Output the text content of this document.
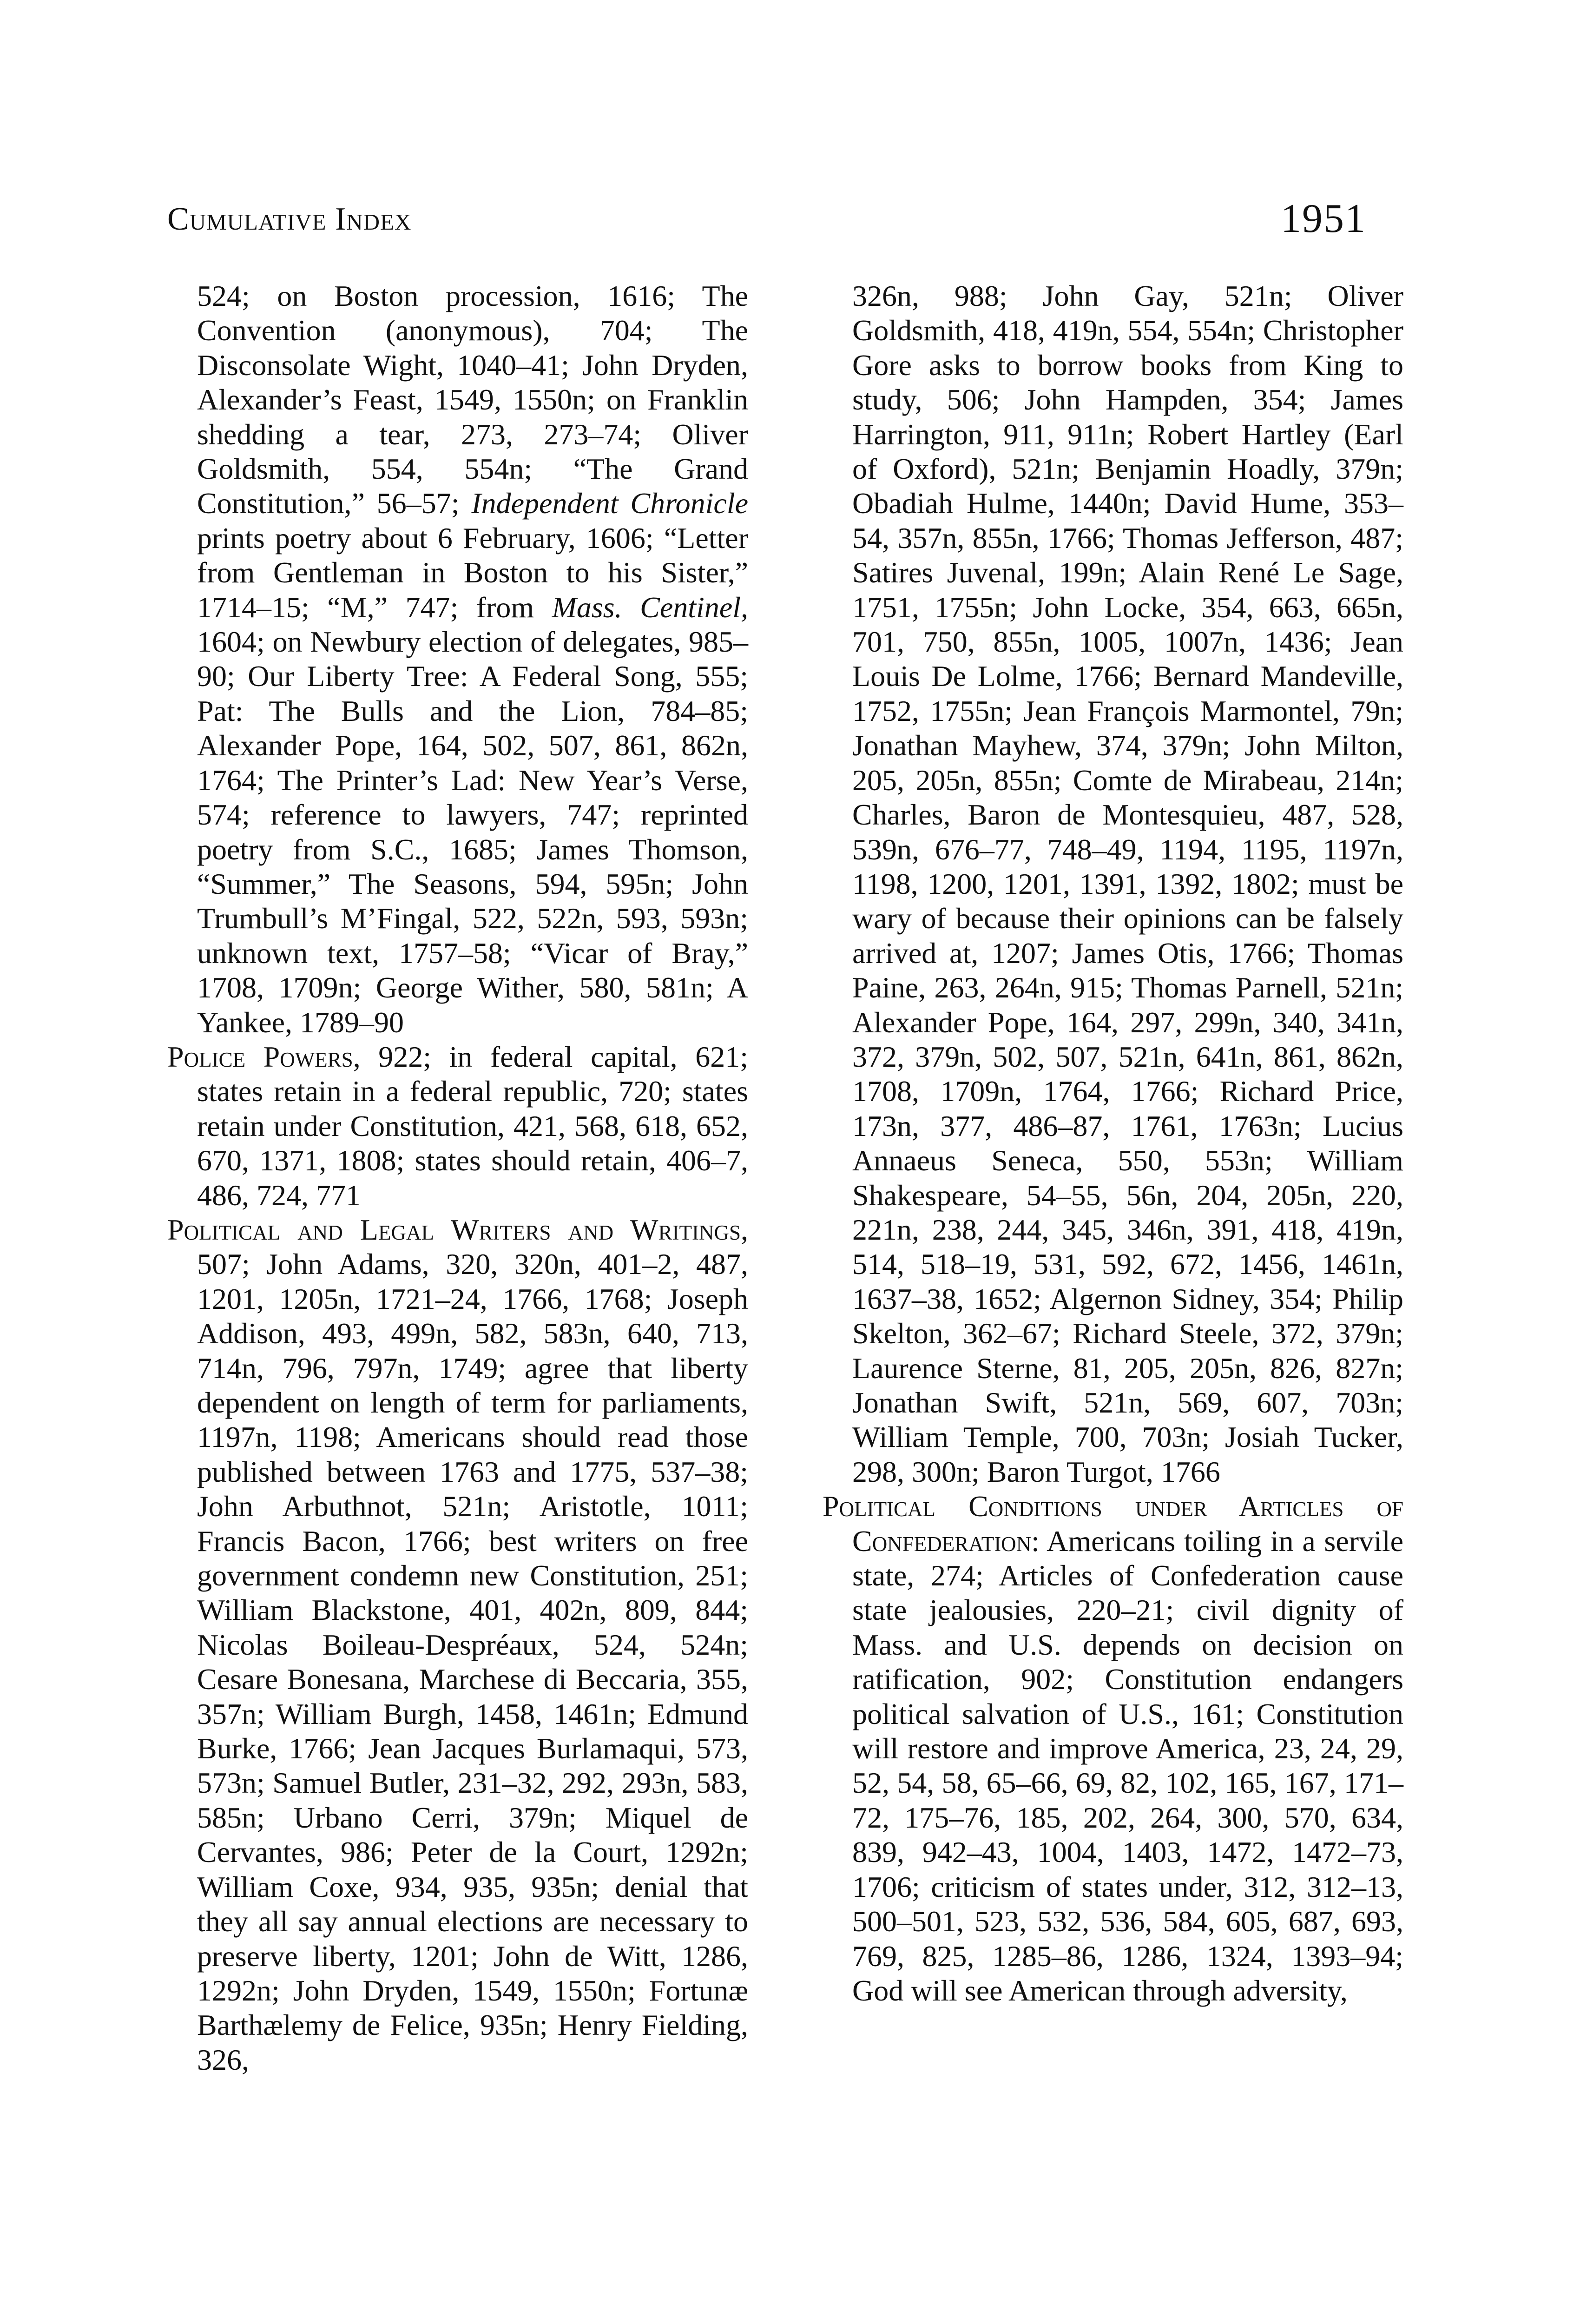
Cumulative Index	1951

524; on Boston procession, 1616; The Convention (anonymous), 704; The Disconsolate Wight, 1040–41; John Dryden, Alexander’s Feast, 1549, 1550n; on Franklin shedding a tear, 273, 273–74; Oliver Goldsmith, 554, 554n; “The Grand Constitution,” 56–57; Independent Chronicle prints poetry about 6 February, 1606; “Letter from Gentleman in Boston to his Sister,” 1714–15; “M,” 747; from Mass. Centinel, 1604; on Newbury election of delegates, 985–90; Our Liberty Tree: A Federal Song, 555; Pat: The Bulls and the Lion, 784–85; Alexander Pope, 164, 502, 507, 861, 862n, 1764; The Printer’s Lad: New Year’s Verse, 574; reference to lawyers, 747; reprinted poetry from S.C., 1685; James Thomson, “Summer,” The Seasons, 594, 595n; John Trumbull’s M’Fingal, 522, 522n, 593, 593n; unknown text, 1757–58; “Vicar of Bray,” 1708, 1709n; George Wither, 580, 581n; A Yankee, 1789–90

Police Powers, 922; in federal capital, 621; states retain in a federal republic, 720; states retain under Constitution, 421, 568, 618, 652, 670, 1371, 1808; states should retain, 406–7, 486, 724, 771

Political and Legal Writers and Writings, 507; John Adams, 320, 320n, 401–2, 487, 1201, 1205n, 1721–24, 1766, 1768; Joseph Addison, 493, 499n, 582, 583n, 640, 713, 714n, 796, 797n, 1749; agree that liberty dependent on length of term for parliaments, 1197n, 1198; Americans should read those published between 1763 and 1775, 537–38; John Arbuthnot, 521n; Aristotle, 1011; Francis Bacon, 1766; best writers on free government condemn new Constitution, 251; William Blackstone, 401, 402n, 809, 844; Nicolas Boileau-Despréaux, 524, 524n; Cesare Bonesana, Marchese di Beccaria, 355, 357n; William Burgh, 1458, 1461n; Edmund Burke, 1766; Jean Jacques Burlamaqui, 573, 573n; Samuel Butler, 231–32, 292, 293n, 583, 585n; Urbano Cerri, 379n; Miquel de Cervantes, 986; Peter de la Court, 1292n; William Coxe, 934, 935, 935n; denial that they all say annual elections are necessary to preserve liberty, 1201; John de Witt, 1286, 1292n; John Dryden, 1549, 1550n; Fortunæ Barthælemy de Felice, 935n; Henry Fielding, 326,

326n, 988; John Gay, 521n; Oliver Goldsmith, 418, 419n, 554, 554n; Christopher Gore asks to borrow books from King to study, 506; John Hampden, 354; James Harrington, 911, 911n; Robert Hartley (Earl of Oxford), 521n; Benjamin Hoadly, 379n; Obadiah Hulme, 1440n; David Hume, 353–54, 357n, 855n, 1766; Thomas Jefferson, 487; Satires Juvenal, 199n; Alain René Le Sage, 1751, 1755n; John Locke, 354, 663, 665n, 701, 750, 855n, 1005, 1007n, 1436; Jean Louis De Lolme, 1766; Bernard Mandeville, 1752, 1755n; Jean François Marmontel, 79n; Jonathan Mayhew, 374, 379n; John Milton, 205, 205n, 855n; Comte de Mirabeau, 214n; Charles, Baron de Montesquieu, 487, 528, 539n, 676–77, 748–49, 1194, 1195, 1197n, 1198, 1200, 1201, 1391, 1392, 1802; must be wary of because their opinions can be falsely arrived at, 1207; James Otis, 1766; Thomas Paine, 263, 264n, 915; Thomas Parnell, 521n; Alexander Pope, 164, 297, 299n, 340, 341n, 372, 379n, 502, 507, 521n, 641n, 861, 862n, 1708, 1709n, 1764, 1766; Richard Price, 173n, 377, 486–87, 1761, 1763n; Lucius Annaeus Seneca, 550, 553n; William Shakespeare, 54–55, 56n, 204, 205n, 220, 221n, 238, 244, 345, 346n, 391, 418, 419n, 514, 518–19, 531, 592, 672, 1456, 1461n, 1637–38, 1652; Algernon Sidney, 354; Philip Skelton, 362–67; Richard Steele, 372, 379n; Laurence Sterne, 81, 205, 205n, 826, 827n; Jonathan Swift, 521n, 569, 607, 703n; William Temple, 700, 703n; Josiah Tucker, 298, 300n; Baron Turgot, 1766

Political Conditions under Articles of Confederation: Americans toiling in a servile state, 274; Articles of Confederation cause state jealousies, 220–21; civil dignity of Mass. and U.S. depends on decision on ratification, 902; Constitution endangers political salvation of U.S., 161; Constitution will restore and improve America, 23, 24, 29, 52, 54, 58, 65–66, 69, 82, 102, 165, 167, 171–72, 175–76, 185, 202, 264, 300, 570, 634, 839, 942–43, 1004, 1403, 1472, 1472–73, 1706; criticism of states under, 312, 312–13, 500–501, 523, 532, 536, 584, 605, 687, 693, 769, 825, 1285–86, 1286, 1324, 1393–94; God will see American through adversity,
